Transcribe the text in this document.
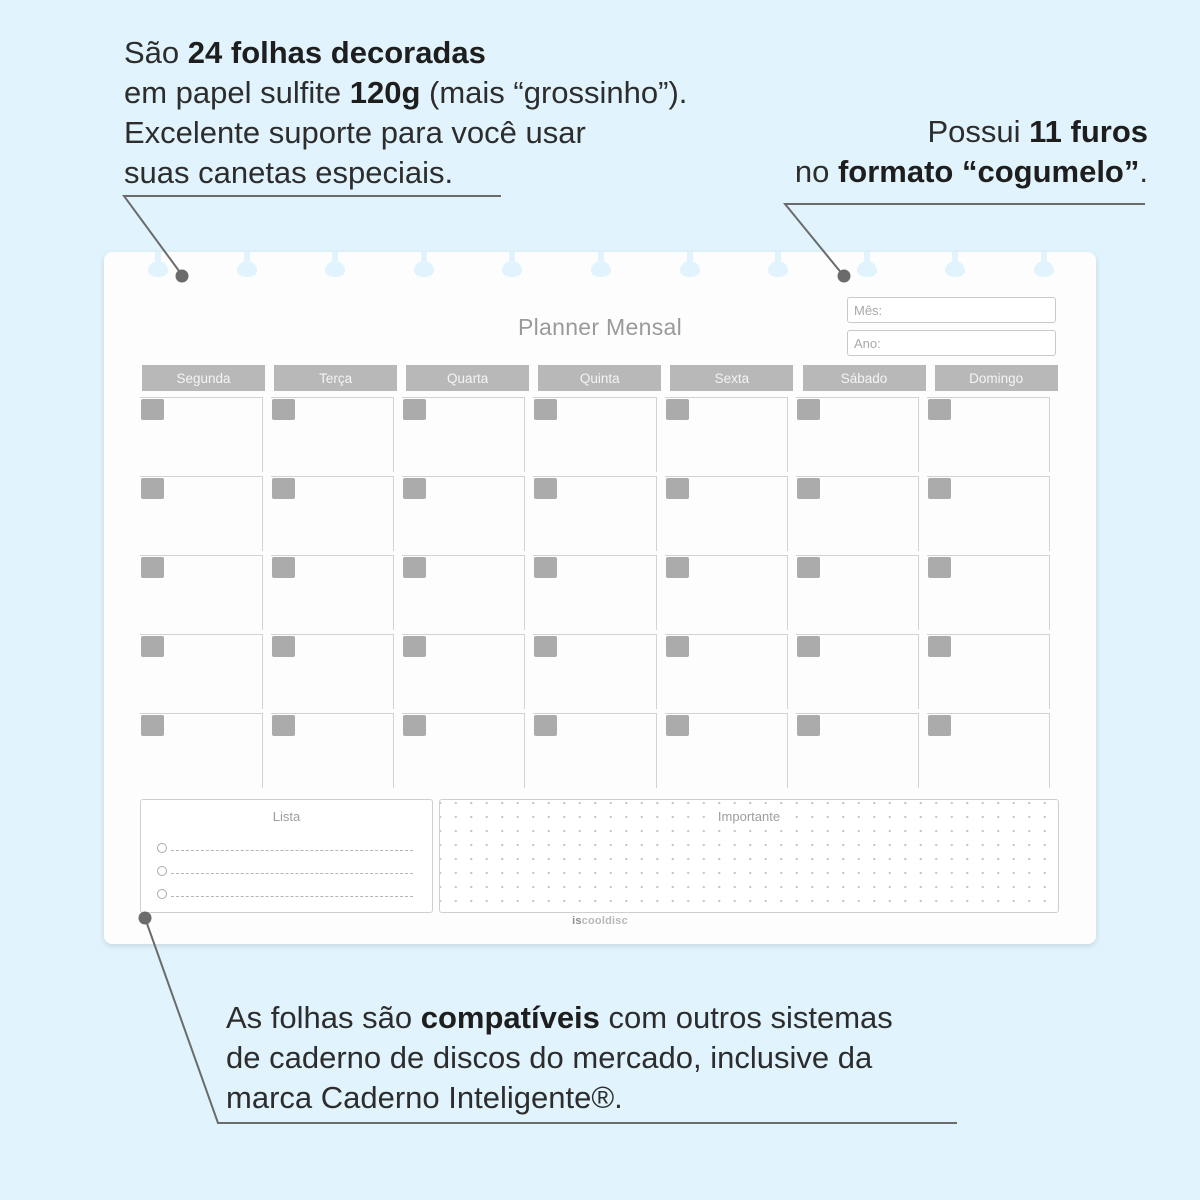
São 24 folhas decoradas
em papel sulfite 120g (mais “grossinho”).
Excelente suporte para você usar
suas canetas especiais.
Possui 11 furos
no formato “cogumelo”.
As folhas são compatíveis com outros sistemas
de caderno de discos do mercado, inclusive da
marca Caderno Inteligente®.
Planner Mensal
Mês:
Ano:
Segunda	Terça	Quarta	Quinta	Sexta	Sábado	Domingo
Lista	Importante
iscooldisc
